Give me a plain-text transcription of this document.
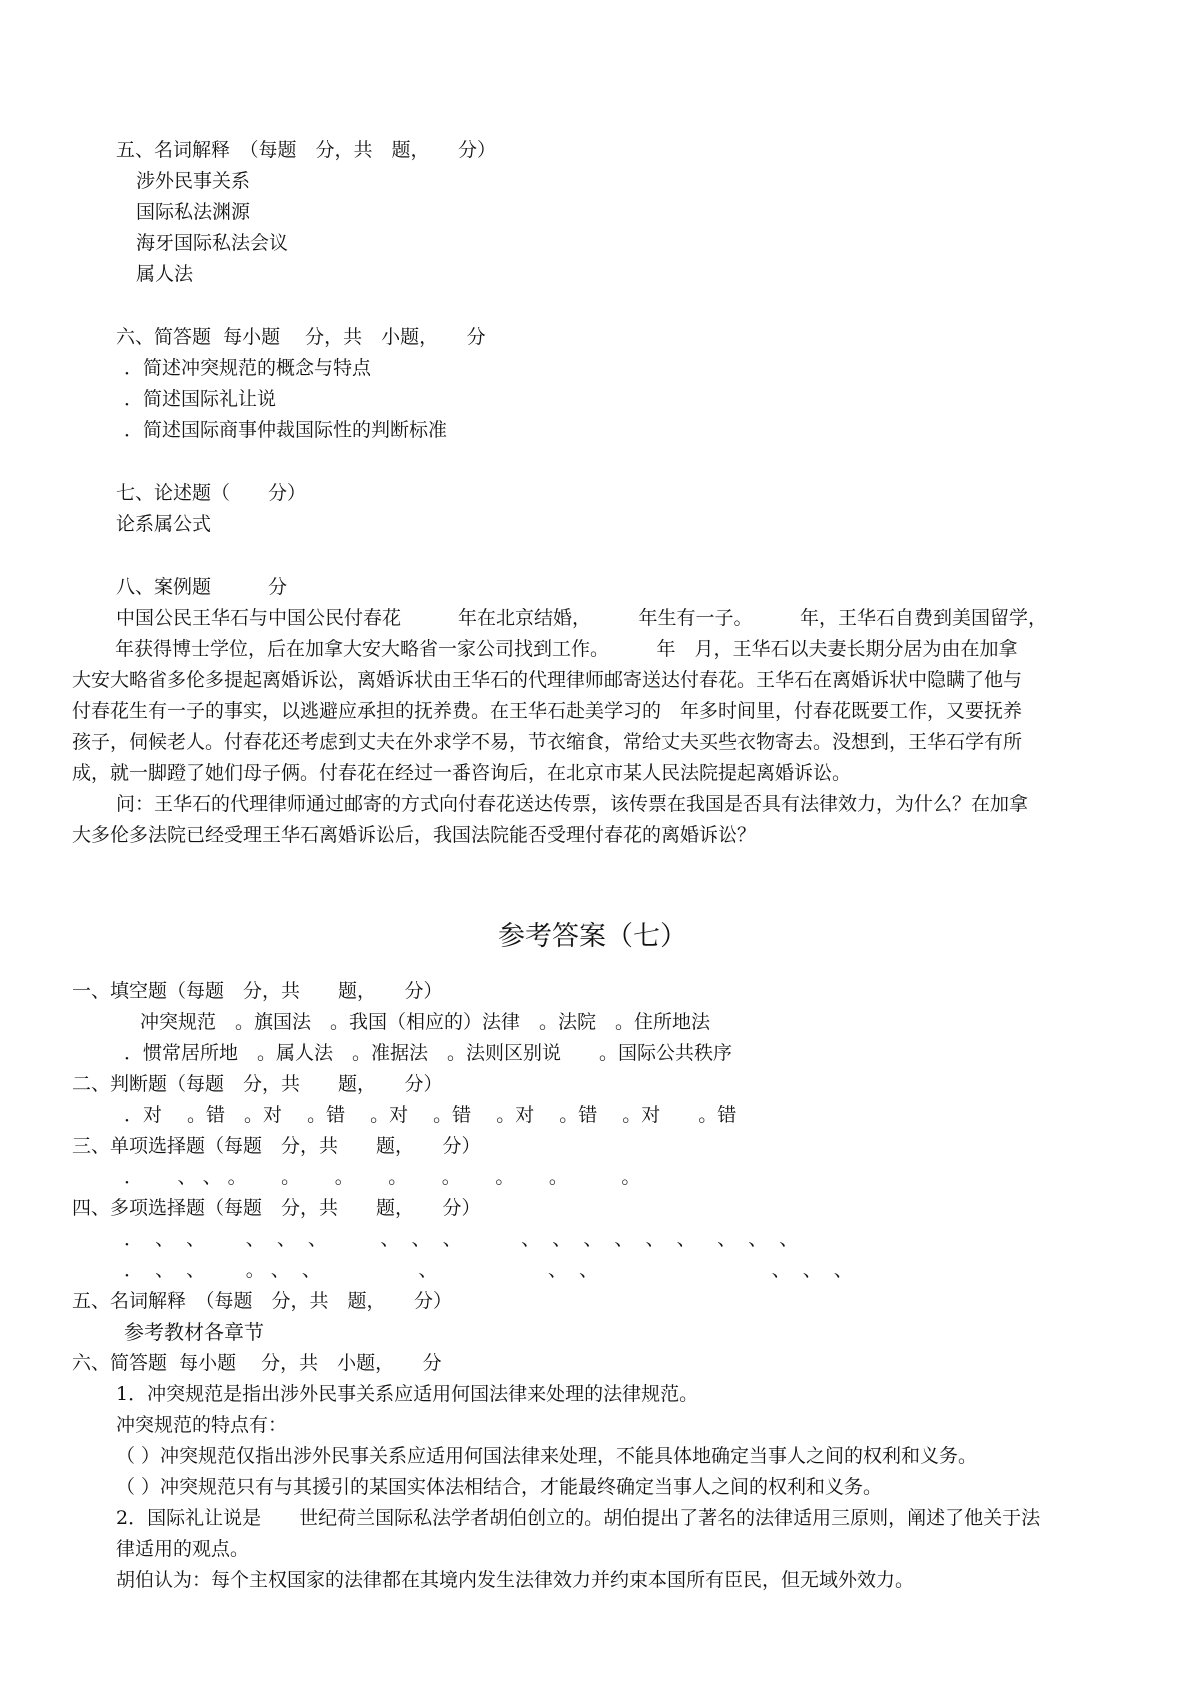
五、名词解释　（每题　分，共　题，　　分）
涉外民事关系
国际私法渊源
海牙国际私法会议
属人法
六、简答题  每小题　 分，共　小题，　　分
．简述冲突规范的概念与特点
．简述国际礼让说
．简述国际商事仲裁国际性的判断标准
七、论述题（　　分）
论系属公式
八、案例题　　　分
中国公民王华石与中国公民付春花　　　年在北京结婚，　　　年生有一子。　　　年，王华石自费到美国留学，
　年获得博士学位，后在加拿大安大略省一家公司找到工作。　　　年　月，王华石以夫妻长期分居为由在加拿
大安大略省多伦多提起离婚诉讼，离婚诉状由王华石的代理律师邮寄送达付春花。王华石在离婚诉状中隐瞒了他与
付春花生有一子的事实，以逃避应承担的抚养费。在王华石赴美学习的　年多时间里，付春花既要工作，又要抚养
孩子，伺候老人。付春花还考虑到丈夫在外求学不易，节衣缩食，常给丈夫买些衣物寄去。没想到，王华石学有所
成，就一脚蹬了她们母子俩。付春花在经过一番咨询后，在北京市某人民法院提起离婚诉讼。
问：王华石的代理律师通过邮寄的方式向付春花送达传票，该传票在我国是否具有法律效力，为什么？在加拿
大多伦多法院已经受理王华石离婚诉讼后，我国法院能否受理付春花的离婚诉讼？
参考答案（七）
一、填空题（每题　分，共　　题，　　分）
冲突规范　。旗国法　。我国（相应的）法律　。法院　。住所地法
．惯常居所地　。属人法　。准据法　。法则区别说　　。国际公共秩序
二、判断题（每题　分，共　　题，　　分）
．对　 。错　。对　 。错　 。对　 。错　 。对　 。错　 。对　　。错
三、单项选择题（每题　分，共　　题，　　分）
．　　 、 、 。　　 。　　 。　　 。　　 。　　 。　　 。　　　 。
四、多项选择题（每题　分，共　　题，　　分）
．  、  、　　  、  、  、　　　 、  、  、　　　  、  、  、  、  、  、　  、  、  、
．  、  、　　  。 、  、　　　　　  、　　　　　　 、  、　　　　　　　　　  、  、  、
五、名词解释　（每题　分，共　题，　　分）
参考教材各章节
六、简答题  每小题　 分，共　小题，　　分
1．冲突规范是指出涉外民事关系应适用何国法律来处理的法律规范。
冲突规范的特点有：
（ ）冲突规范仅指出涉外民事关系应适用何国法律来处理，不能具体地确定当事人之间的权利和义务。
（ ）冲突规范只有与其援引的某国实体法相结合，才能最终确定当事人之间的权利和义务。
2．国际礼让说是　　世纪荷兰国际私法学者胡伯创立的。胡伯提出了著名的法律适用三原则，阐述了他关于法
律适用的观点。
胡伯认为：每个主权国家的法律都在其境内发生法律效力并约束本国所有臣民，但无域外效力。
